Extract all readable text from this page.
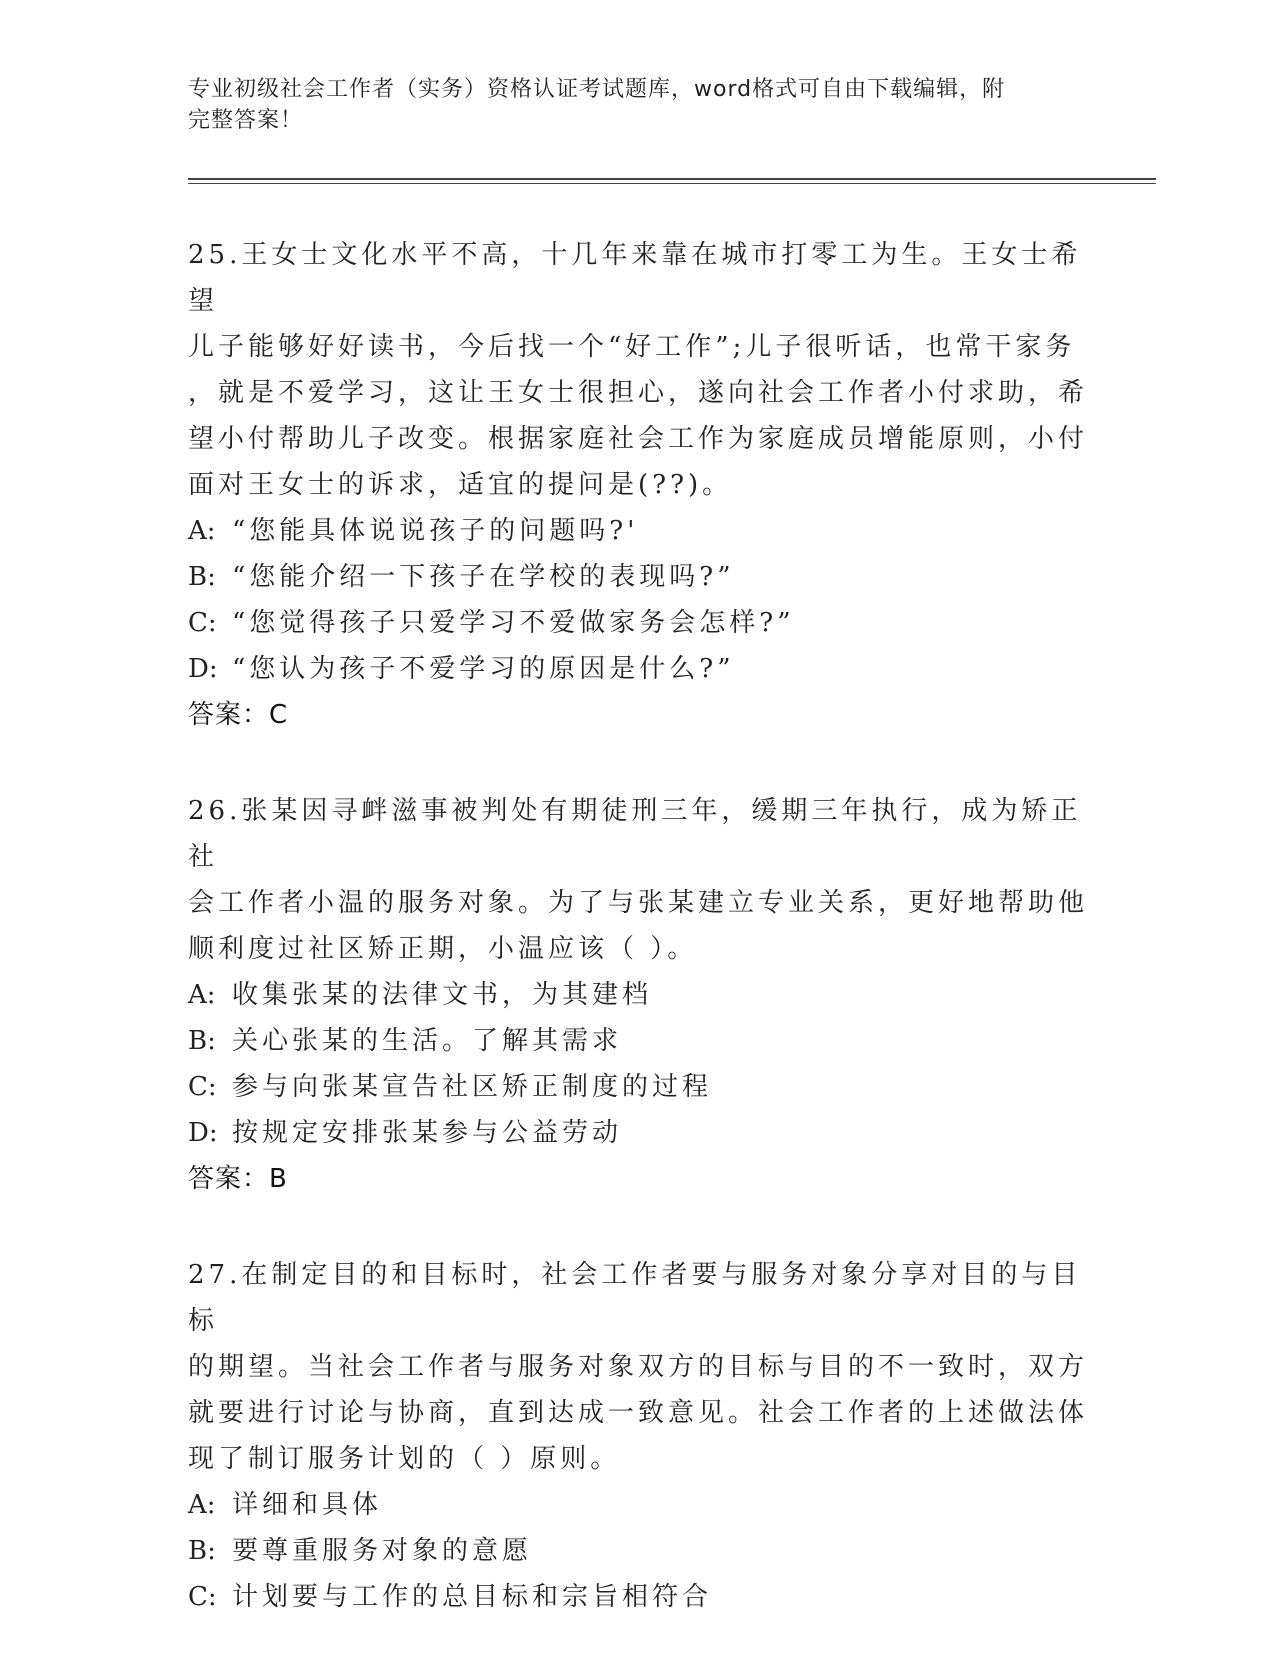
专业初级社会工作者（实务）资格认证考试题库，word格式可自由下载编辑，附
完整答案！

25.王女士文化水平不高，十几年来靠在城市打零工为生。王女士希望

儿子能够好好读书，今后找一个“好工作”;儿子很听话，也常干家务

，就是不爱学习，这让王女士很担心，遂向社会工作者小付求助，希

望小付帮助儿子改变。根据家庭社会工作为家庭成员增能原则，小付

面对王女士的诉求，适宜的提问是(??)。

A: “您能具体说说孩子的问题吗?'

B: “您能介绍一下孩子在学校的表现吗?”

C: “您觉得孩子只爱学习不爱做家务会怎样?”

D: “您认为孩子不爱学习的原因是什么?”

答案：C

26.张某因寻衅滋事被判处有期徒刑三年，缓期三年执行，成为矫正社

会工作者小温的服务对象。为了与张某建立专业关系，更好地帮助他

顺利度过社区矫正期，小温应该（ ）。

A: 收集张某的法律文书，为其建档

B: 关心张某的生活。了解其需求

C: 参与向张某宣告社区矫正制度的过程

D: 按规定安排张某参与公益劳动

答案：B

27.在制定目的和目标时，社会工作者要与服务对象分享对目的与目标

的期望。当社会工作者与服务对象双方的目标与目的不一致时，双方

就要进行讨论与协商，直到达成一致意见。社会工作者的上述做法体

现了制订服务计划的（ ）原则。

A: 详细和具体

B: 要尊重服务对象的意愿

C: 计划要与工作的总目标和宗旨相符合
